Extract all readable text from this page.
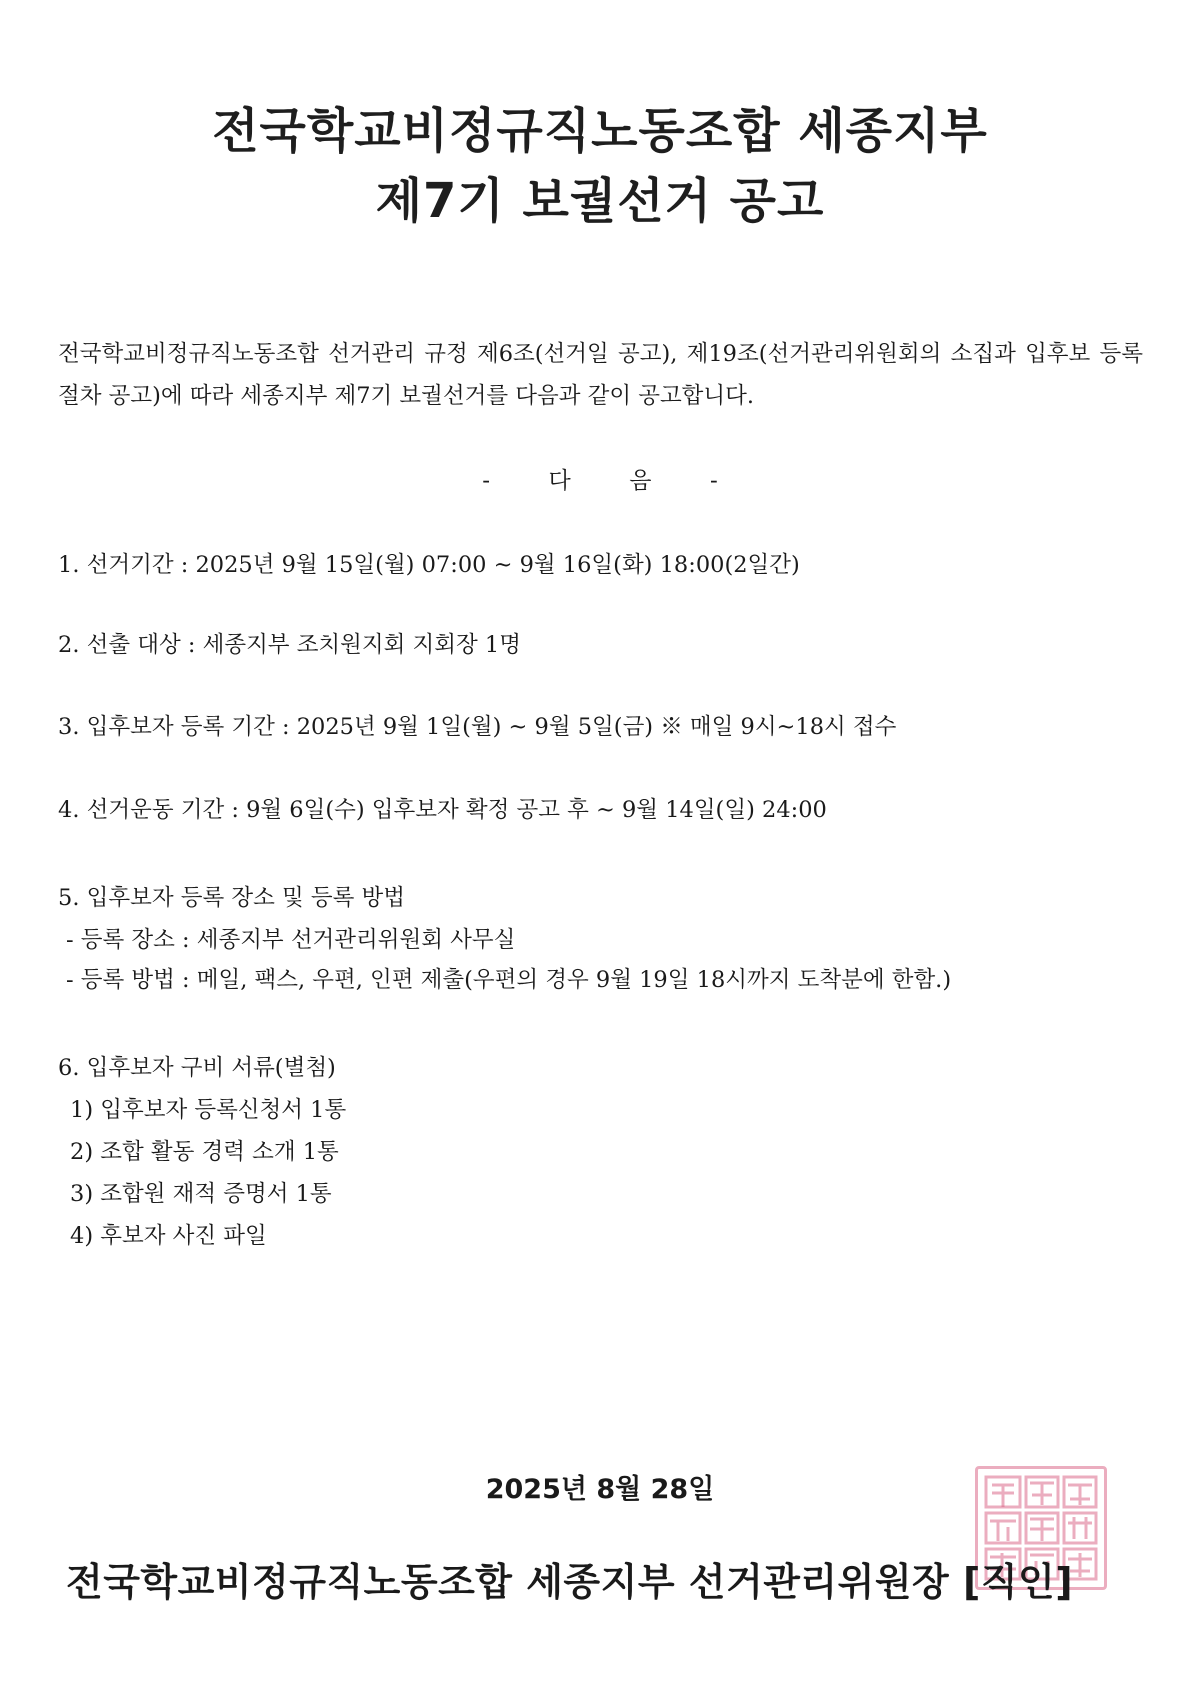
전국학교비정규직노동조합 세종지부
제7기 보궐선거 공고
전국학교비정규직노동조합 선거관리 규정 제6조(선거일 공고), 제19조(선거관리위원회의 소집과 입후보 등록절차 공고)에 따라 세종지부 제7기 보궐선거를 다음과 같이 공고합니다.
-        다        음        -
1. 선거기간 : 2025년 9월 15일(월) 07:00 ~ 9월 16일(화) 18:00(2일간)
2. 선출 대상 : 세종지부 조치원지회 지회장 1명
3. 입후보자 등록 기간 : 2025년 9월 1일(월) ~ 9월 5일(금) ※ 매일 9시~18시 접수
4. 선거운동 기간 : 9월 6일(수) 입후보자 확정 공고 후 ~ 9월 14일(일) 24:00
5. 입후보자 등록 장소 및 등록 방법
- 등록 장소 : 세종지부 선거관리위원회 사무실
- 등록 방법 : 메일, 팩스, 우편, 인편 제출(우편의 경우 9월 19일 18시까지 도착분에 한함.)
6. 입후보자 구비 서류(별첨)
1) 입후보자 등록신청서 1통
2) 조합 활동 경력 소개 1통
3) 조합원 재적 증명서 1통
4) 후보자 사진 파일
2025년 8월 28일
전국학교비정규직노동조합 세종지부 선거관리위원장 [직인]
